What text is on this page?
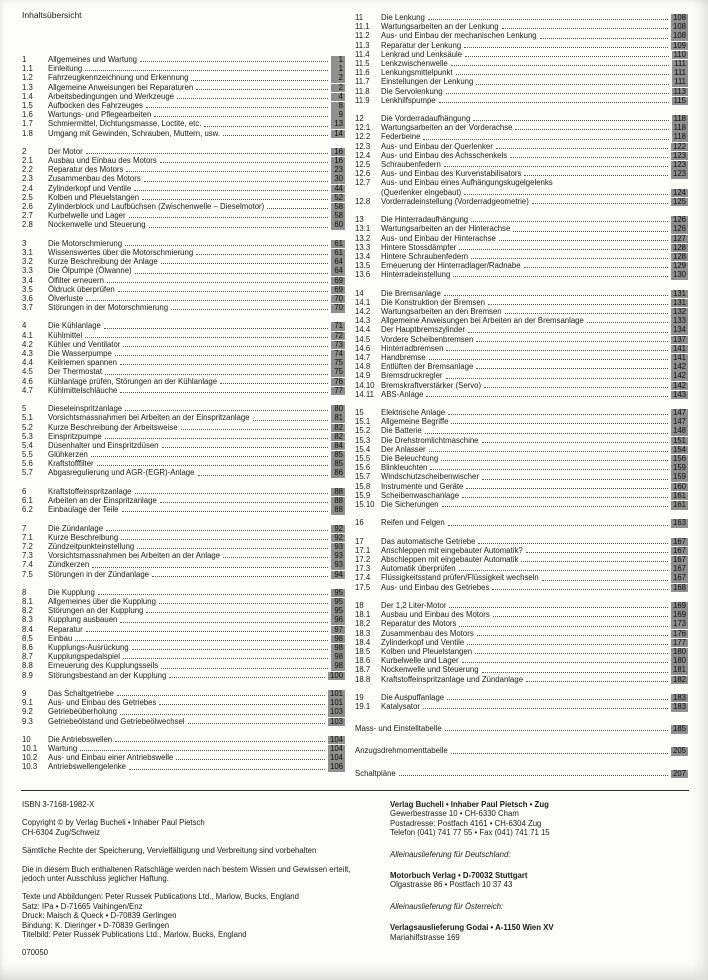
Inhaltsübersicht
1	Allgemeines und Wartung	1
1.1	Einleitung	1
1.2	Fahrzeugkennzeichnung und Erkennung	2
1.3	Allgemeine Anweisungen bei Reparaturen	2
1.4	Arbeitsbedingungen und Werkzeuge	4
1.5	Aufbocken des Fahrzeuges	8
1.6	Wartungs- und Pflegearbeiten	9
1.7	Schmiermittel, Dichtungsmasse, Loctite, etc.	13
1.8	Umgang mit Gewinden, Schrauben, Muttern, usw.	14
2	Der Motor	16
2.1	Ausbau und Einbau des Motors	16
2.2	Reparatur des Motors	23
2.3	Zusammenbau des Motors	30
2.4	Zylinderkopf und Ventile	44
2.5	Kolben und Pleuelstangen	52
2.6	Zylinderblock und Laufbüchsen (Zwischenwelle – Dieselmotor)	58
2.7	Kurbelwelle und Lager	58
2.8	Nockenwelle und Steuerung	60
3	Die Motorschmierung	61
3.1	Wissenswertes über die Motorschmierung	61
3.2	Kurze Beschreibung der Anlage	64
3.3	Die Ölpumpe (Ölwanne)	64
3.4	Ölfilter erneuern	69
3.5	Öldruck überprüfen	69
3.6	Ölverluste	70
3.7	Störungen in der Motorschmierung	70
4	Die Kühlanlage	71
4.1	Kühlmittel	72
4.2	Kühler und Ventilator	73
4.3	Die Wasserpumpe	74
4.4	Keilriemen spannen	75
4.5	Der Thermostat	75
4.6	Kühlanlage prüfen, Störungen an der Kühlanlage	76
4.7	Kühlmittelschläuche	77
5	Dieseleinspritzanlage	80
5.1	Vorsichtsmassnahmen bei Arbeiten an der Einspritzanlage	81
5.2	Kurze Beschreibung der Arbeitsweise	82
5.3	Einspritzpumpe	82
5.4	Düsenhalter und Einspritzdüsen	84
5.5	Glühkerzen	85
5.6	Kraftstofffilter	85
5.7	Abgasregulierung und AGR-(EGR)-Anlage	86
6	Kraftstoffeinspritzanlage	88
6.1	Arbeiten an der Einspritzanlage	88
6.2	Einbaulage der Teile	88
7	Die Zündanlage	92
7.1	Kurze Beschreibung	92
7.2	Zündzeitpunkteinstellung	93
7.3	Vorsichtsmassnahmen bei Arbeiten an der Anlage	93
7.4	Zündkerzen	93
7.5	Störungen in der Zündanlage	94
8	Die Kupplung	95
8.1	Allgemeines über die Kupplung	95
8.2	Störungen an der Kupplung	95
8.3	Kupplung ausbauen	96
8.4	Reparatur	97
8.5	Einbau	98
8.6	Kupplungs-Ausrückung	98
8.7	Kupplungspedalspiel	98
8.8	Erneuerung des Kupplungsseils	98
8.9	Störungsbestand an der Kupplung	100
9	Das Schaltgetriebe	101
9.1	Aus- und Einbau des Getriebes	101
9.2	Getriebeüberholung	103
9.3	Getriebeölstand und Getriebeölwechsel	103
10	Die Antriebswellen	104
10.1	Wartung	104
10.2	Aus- und Einbau einer Antriebswelle	104
10.3	Antriebswellengelenke	106
11	Die Lenkung	108
11.1	Wartungsarbeiten an der Lenkung	108
11.2	Aus- und Einbau der mechanischen Lenkung	108
11.3	Reparatur der Lenkung	109
11.4	Lenkrad und Lenksäule	110
11.5	Lenkzwischenwelle	111
11.6	Lenkungsmittelpunkt	111
11.7	Einstellungen der Lenkung	111
11.8	Die Servolenkung	113
11.9	Lenkhilfspumpe	115
12	Die Vorderradaufhängung	118
12.1	Wartungsarbeiten an der Vorderachse	118
12.2	Federbeine	118
12.3	Aus- und Einbau der Querlenker	122
12.4	Aus- und Einbau des Achsschenkels	123
12.5	Schraubenfedern	123
12.6	Aus- und Einbau des Kurvenstabilisators	123
12.7	Aus- und Einbau eines Aufhängungskugelgelenks
(Querlenker eingebaut)	124
12.8	Vorderradeinstellung (Vorderradgeometrie)	125
13	Die Hinterradaufhängung	126
13.1	Wartungsarbeiten an der Hinterachse	126
13.2	Aus- und Einbau der Hinterachse	127
13.3	Hintere Stossdämpfer	128
13.4	Hintere Schraubenfedern	128
13.5	Erneuerung der Hinterradlager/Radnabe	129
13.6	Hinterradeinstellung	130
14	Die Bremsanlage	131
14.1	Die Konstruktion der Bremsen	131
14.2	Wartungsarbeiten an den Bremsen	132
14.3	Allgemeine Anweisungen bei Arbeiten an der Bremsanlage	133
14.4	Der Hauptbremszylinder	134
14.5	Vordere Scheibenbremsen	137
14.6	Hinterradbremsen	141
14.7	Handbremse	141
14.8	Entlüften der Bremsanlage	142
14.9	Bremsdruckregler	142
14.10 Bremskraftverstärker (Servo)	142
14.11 ABS-Anlage	143
15	Elektrische Anlage	147
15.1	Allgemeine Begriffe	147
15.2	Die Batterie	148
15.3	Die Drehstromlichtmaschine	151
15.4	Der Anlasser	154
15.5	Die Beleuchtung	156
15.6	Blinkleuchten	159
15.7	Windschutzscheibenwischer	159
15.8	Instrumente und Geräte	160
15.9	Scheibenwaschanlage	161
15.10 Die Sicherungen	161
16	Reifen und Felgen	163
17	Das automatische Getriebe	167
17.1	Anschleppen mit eingebauter Automatik?	167
17.2	Abschleppen mit eingebauter Automatik	167
17.3	Automatik überprüfen	167
17.4	Flüssigkeitsstand prüfen/Flüssigkeit wechseln	167
17.5	Aus- und Einbau des Getriebes	168
18	Der 1,2 Liter-Motor	169
18.1	Ausbau und Einbau des Motors	169
18.2	Reparatur des Motors	173
18.3	Zusammenbau des Motors	176
18.4	Zylinderkopf und Ventile	177
18.5	Kolben und Pleuelstangen	180
18.6	Kurbelwelle und Lager	180
18.7	Nockenwelle und Steuerung	181
18.8	Kraftstoffeinspritzanlage und Zündanlage	182
19	Die Auspuffanlage	183
19.1	Katalysator	183
Mass- und Einstelltabelle	185
Anzugsdrehmomenttabelle	205
Schaltpläne	207
ISBN 3-7168-1982-X
Copyright © by Verlag Bucheli • Inhaber Paul Pietsch
CH-6304 Zug/Schweiz
Sämtliche Rechte der Speicherung, Vervielfältigung und Verbreitung sind vorbehalten
Die in diesem Buch enthaltenen Ratschläge werden nach bestem Wissen und Gewissen erteilt, jedoch unter Ausschluss jeglicher Haftung.
Texte und Abbildungen: Peter Russek Publications Ltd., Marlow, Bucks, England
Satz: IPa • D-71665 Vaihingen/Enz
Druck: Maisch & Queck • D-70839 Gerlingen
Bindung: K. Dieringer • D-70839 Gerlingen
Titelbild: Peter Russek Publications Ltd., Marlow, Bucks, England
070050
Verlag Bucheli • Inhaber Paul Pietsch • Zug
Gewerbestrasse 10 • CH-6330 Cham
Postadresse: Postfach 4161 • CH-6304 Zug
Telefon (041) 741 77 55 • Fax (041) 741 71 15
Alleinauslieferung für Deutschland:
Motorbuch Verlag • D-70032 Stuttgart
Olgastrasse 86 • Postfach 10 37 43
Alleinauslieferung für Österreich:
Verlagsauslieferung Godai • A-1150 Wien XV
Mariahilfstrasse 169
